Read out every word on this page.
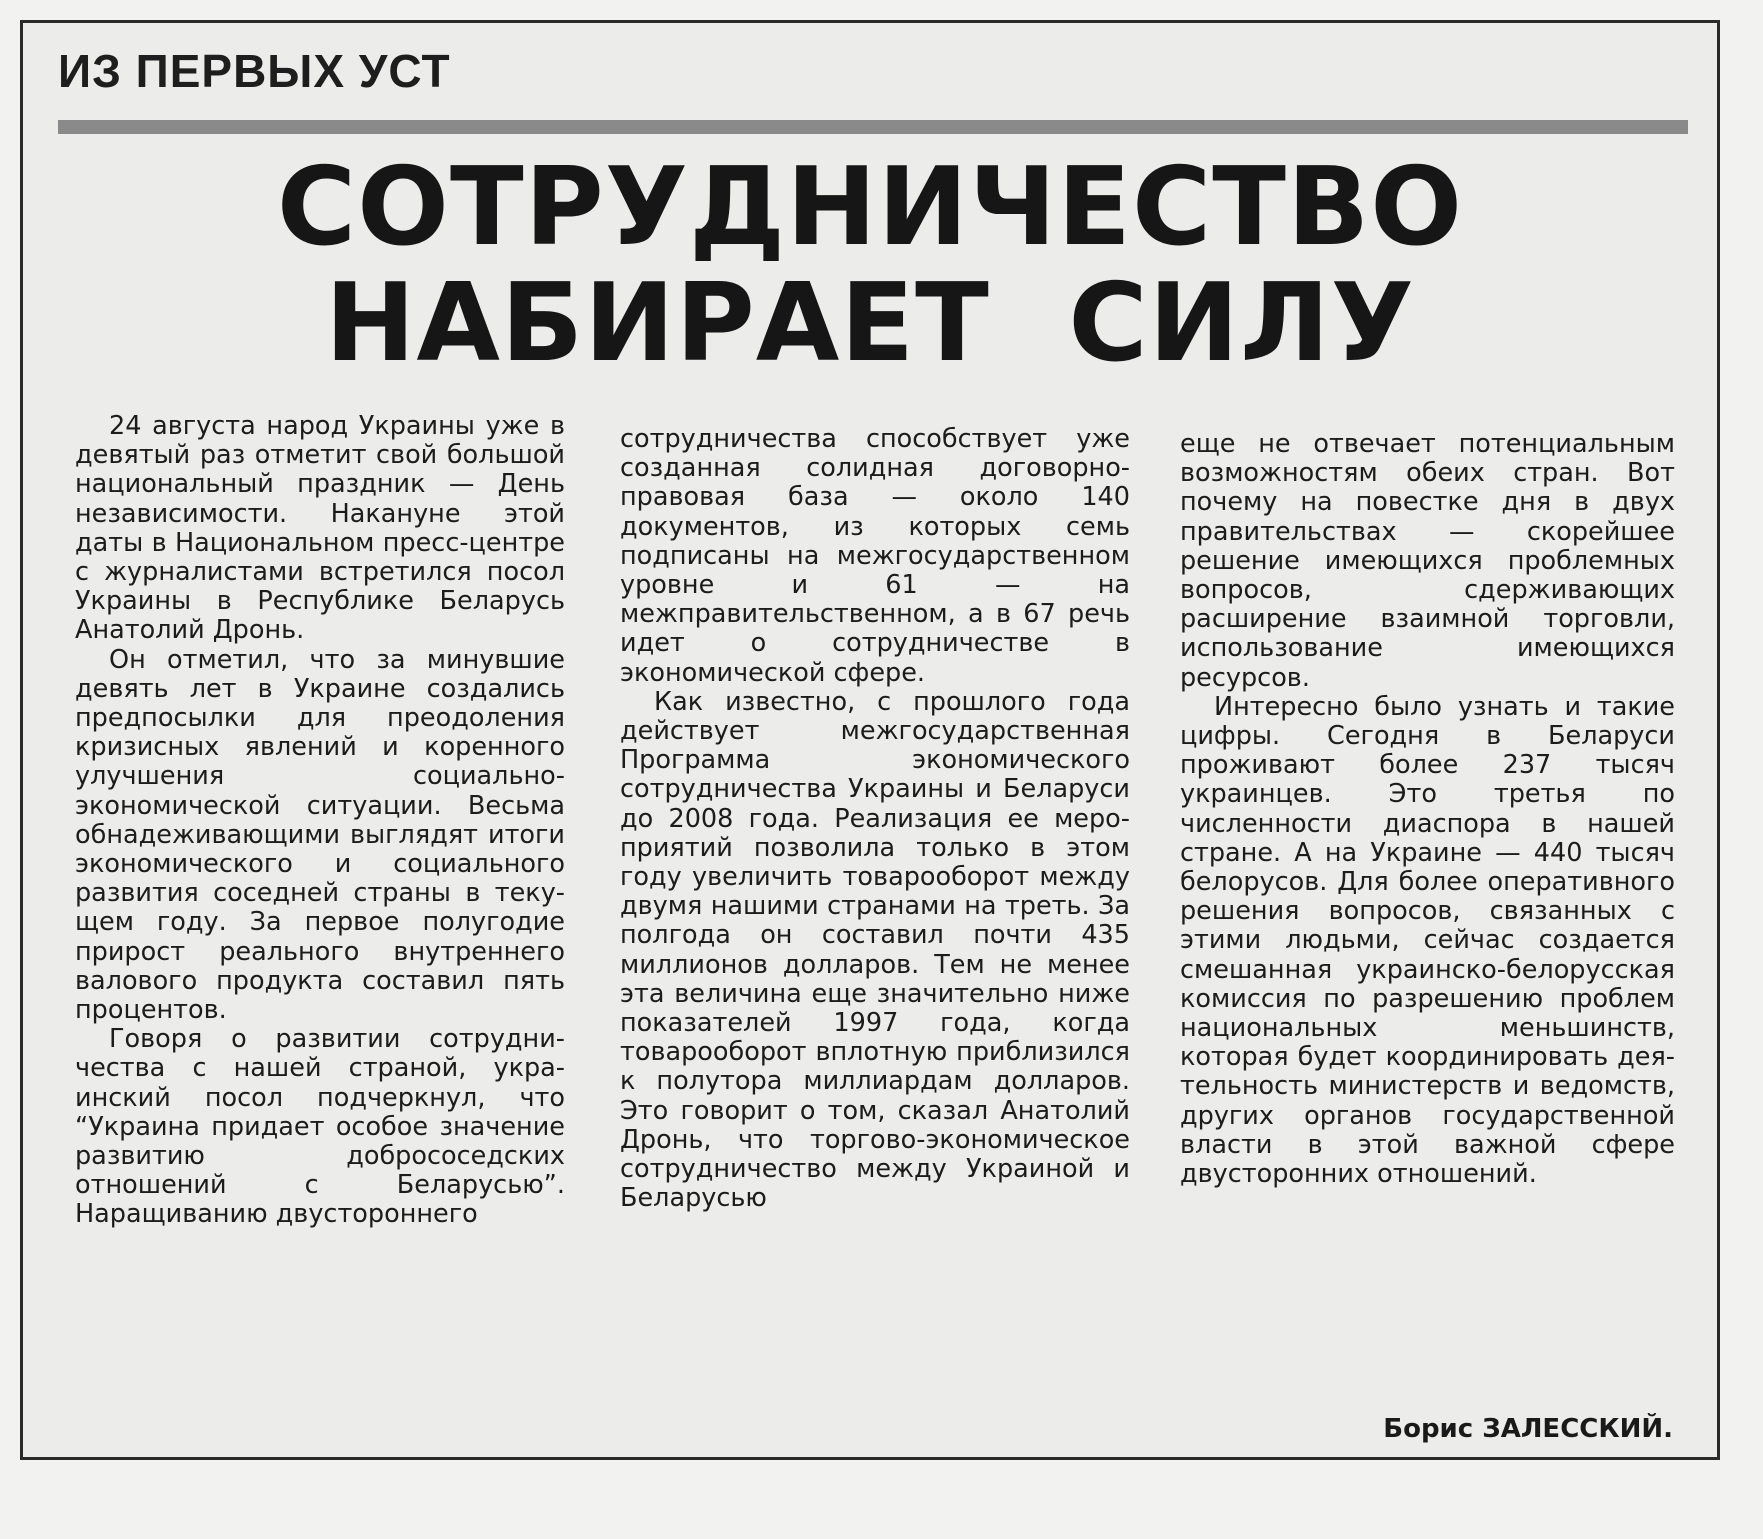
ИЗ ПЕРВЫХ УСТ
СОТРУДНИЧЕСТВО
НАБИРАЕТ СИЛУ

24 августа народ Украины уже в девятый раз отметит свой большой национальный праздник — День независимости. Накануне этой даты в Национальном пресс-центре с журналистами встретился посол Украины в Республике Беларусь Анатолий Дронь.

Он отметил, что за минувшие девять лет в Украине создались предпосылки для преодоления кризисных явлений и коренного улучшения социально-экономической ситуации. Весьма обнадеживающими выглядят итоги экономического и социального развития соседней страны в текущем году. За первое полугодие прирост реального внутреннего валового продукта составил пять процентов.

Говоря о развитии сотрудничества с нашей страной, украинский посол подчеркнул, что “Украина придает особое значение развитию добрососедских отношений с Беларусью”. Наращиванию двустороннего

сотрудничества способствует уже созданная солидная договорно-правовая база — около 140 документов, из которых семь подписаны на межгосударственном уровне и 61 — на межправительственном, а в 67 речь идет о сотрудничестве в экономической сфере.

Как известно, с прошлого года действует межгосударственная Программа экономического сотрудничества Украины и Беларуси до 2008 года. Реализация ее мероприятий позволила только в этом году увеличить товарооборот между двумя нашими странами на треть. За полгода он составил почти 435 миллионов долларов. Тем не менее эта величина еще значительно ниже показателей 1997 года, когда товарооборот вплотную приблизился к полутора миллиардам долларов. Это говорит о том, сказал Анатолий Дронь, что торгово-экономическое сотрудничество между Украиной и Беларусью

еще не отвечает потенциальным возможностям обеих стран. Вот почему на повестке дня в двух правительствах — скорейшее решение имеющихся проблемных вопросов, сдерживающих расширение взаимной торговли, использование имеющихся ресурсов.

Интересно было узнать и такие цифры. Сегодня в Беларуси проживают более 237 тысяч украинцев. Это третья по численности диаспора в нашей стране. А на Украине — 440 тысяч белорусов. Для более оперативного решения вопросов, связанных с этими людьми, сейчас создается смешанная украинско-белорусская комиссия по разрешению проблем национальных меньшинств, которая будет координировать деятельность министерств и ведомств, других органов государственной власти в этой важной сфере двусторонних отношений.

Борис ЗАЛЕССКИЙ.
